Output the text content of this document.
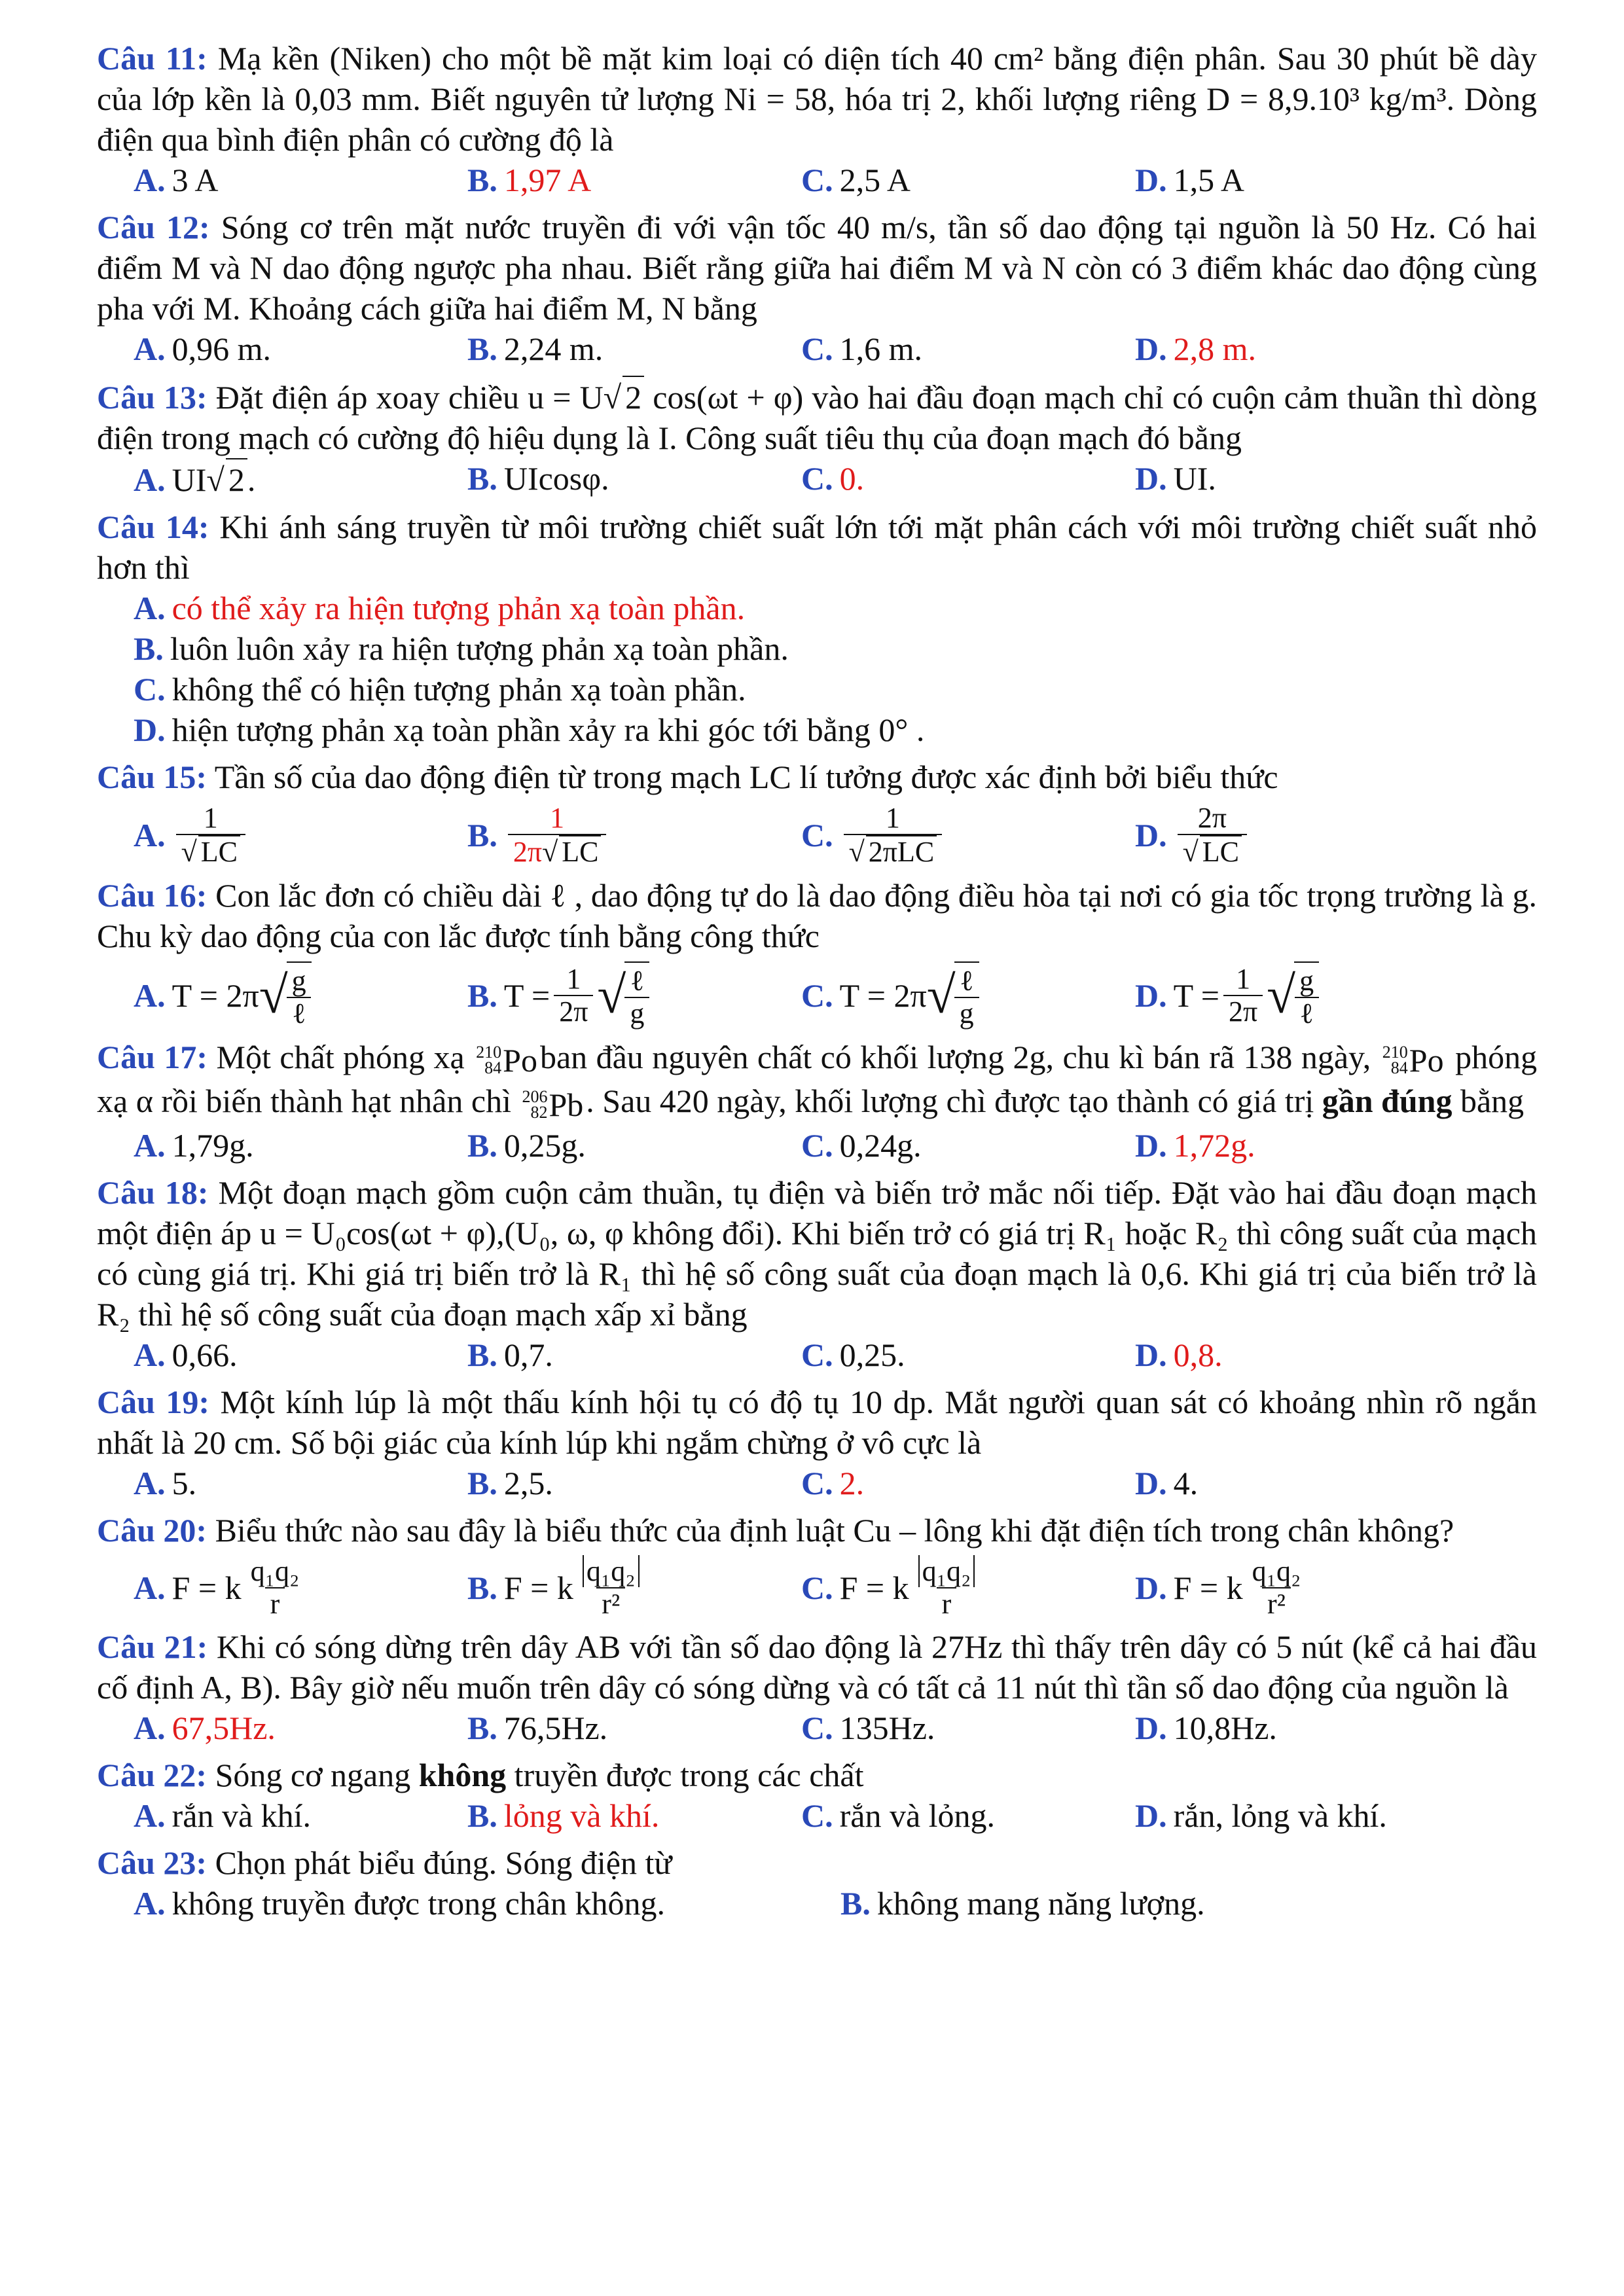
Câu 11: Mạ kền (Niken) cho một bề mặt kim loại có diện tích 40 cm² bằng điện phân. Sau 30 phút bề dày của lớp kền là 0,03 mm. Biết nguyên tử lượng Ni = 58, hóa trị 2, khối lượng riêng D = 8,9.10³ kg/m³. Dòng điện qua bình điện phân có cường độ là
A. 3 A	B. 1,97 A	C. 2,5 A	D. 1,5 A
Câu 12: Sóng cơ trên mặt nước truyền đi với vận tốc 40 m/s, tần số dao động tại nguồn là 50 Hz. Có hai điểm M và N dao động ngược pha nhau. Biết rằng giữa hai điểm M và N còn có 3 điểm khác dao động cùng pha với M. Khoảng cách giữa hai điểm M, N bằng
A. 0,96 m.	B. 2,24 m.	C. 1,6 m.	D. 2,8 m.
Câu 13: Đặt điện áp xoay chiều u = U √ 2 cos(ωt + φ) vào hai đầu đoạn mạch chỉ có cuộn cảm thuần thì dòng điện trong mạch có cường độ hiệu dụng là I. Công suất tiêu thụ của đoạn mạch đó bằng
A. UI √ 2.	B. UIcosφ.	C. 0.	D. UI.
Câu 14: Khi ánh sáng truyền từ môi trường chiết suất lớn tới mặt phân cách với môi trường chiết suất nhỏ hơn thì
A. có thể xảy ra hiện tượng phản xạ toàn phần.
B. luôn luôn xảy ra hiện tượng phản xạ toàn phần.
C. không thể có hiện tượng phản xạ toàn phần.
D. hiện tượng phản xạ toàn phần xảy ra khi góc tới bằng 0° .
Câu 15: Tần số của dao động điện từ trong mạch LC lí tưởng được xác định bởi biểu thức
A. 1
√ LC	B. $\frac{1}{2\pi √ LC}$	C. 1
√ 2πLC	D. 2π
√ LC
Câu 16: Con lắc đơn có chiều dài ℓ , dao động tự do là dao động điều hòa tại nơi có gia tốc trọng trường là g. Chu kỳ dao động của con lắc được tính bằng công thức
A. T = 2π √
$\frac{g}{\text{ℓ}}$	B. $T = \frac{1}{2\pi}$ √
$\frac{\text{ℓ}}{g}$	C. T = 2π √
$\frac{\text{ℓ}}{g}$	D. $T = \frac{1}{2\pi}$ √
$\frac{g}{\text{ℓ}}$
Câu 17: Một chất phóng xạ 210
84 Po ban đầu nguyên chất có khối lượng 2g, chu kì bán rã 138 ngày, 210
84 Po phóng xạ α rồi biến thành hạt nhân chì 206
82 Pb . Sau 420 ngày, khối lượng chì được tạo thành có giá trị gần đúng bằng
A. 1,79g.	B. 0,25g.	C. 0,24g.	D. 1,72g.
Câu 18: Một đoạn mạch gồm cuộn cảm thuần, tụ điện và biến trở mắc nối tiếp. Đặt vào hai đầu đoạn mạch một điện áp u = U₀cos(ωt + φ),(U₀, ω, φ không đổi). Khi biến trở có giá trị R₁ hoặc R₂ thì công suất của mạch có cùng giá trị. Khi giá trị biến trở là R₁ thì hệ số công suất của đoạn mạch là 0,6. Khi giá trị của biến trở là R₂ thì hệ số công suất của đoạn mạch xấp xỉ bằng
A. 0,66.	B. 0,7.	C. 0,25.	D. 0,8.
Câu 19: Một kính lúp là một thấu kính hội tụ có độ tụ 10 dp. Mắt người quan sát có khoảng nhìn rõ ngắn nhất là 20 cm. Số bội giác của kính lúp khi ngắm chừng ở vô cực là
A. 5.	B. 2,5.	C. 2.	D. 4.
Câu 20: Biểu thức nào sau đây là biểu thức của định luật Cu – lông khi đặt điện tích trong chân không?
A. F = k $\frac{\text{q₁q₂}}{r}$	B. F = k $\frac{\text{q₁q₂}}{\text{r²}}$	C. F = k $\frac{\text{q₁q₂}}{r}$	D. F = k $\frac{\text{q₁q₂}}{\text{r²}}$
Câu 21: Khi có sóng dừng trên dây AB với tần số dao động là 27Hz thì thấy trên dây có 5 nút (kể cả hai đầu cố định A, B). Bây giờ nếu muốn trên dây có sóng dừng và có tất cả 11 nút thì tần số dao động của nguồn là
A. 67,5Hz.	B. 76,5Hz.	C. 135Hz.	D. 10,8Hz.
Câu 22: Sóng cơ ngang không truyền được trong các chất
A. rắn và khí.	B. lỏng và khí.	C. rắn và lỏng.	D. rắn, lỏng và khí.
Câu 23: Chọn phát biểu đúng. Sóng điện từ
A. không truyền được trong chân không.	B. không mang năng lượng.
